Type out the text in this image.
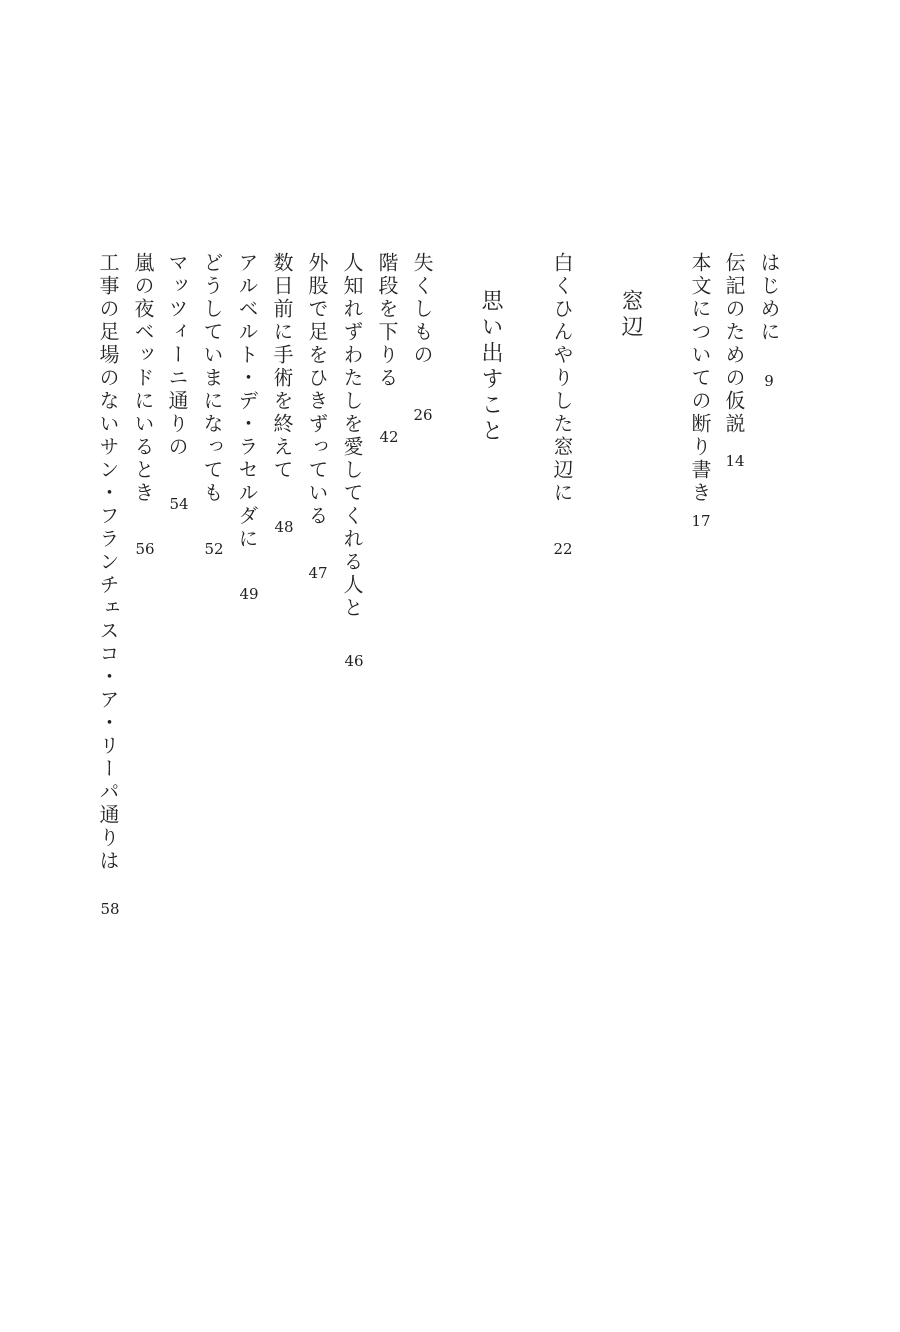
はじめに
9
伝記のための仮説
14
本文についての断り書き
17
窓辺
白くひんやりした窓辺に
22
思い出すこと
失くしもの
26
階段を下りる
42
人知れずわたしを愛してくれる人と
46
外股で足をひきずっている
47
数日前に手術を終えて
48
アルベルト・デ・ラセルダに
49
どうしていまになっても
52
マッツィーニ通りの
54
嵐の夜ベッドにいるとき
56
工事の足場のないサン・フランチェスコ・ア・リーパ通りは
58
